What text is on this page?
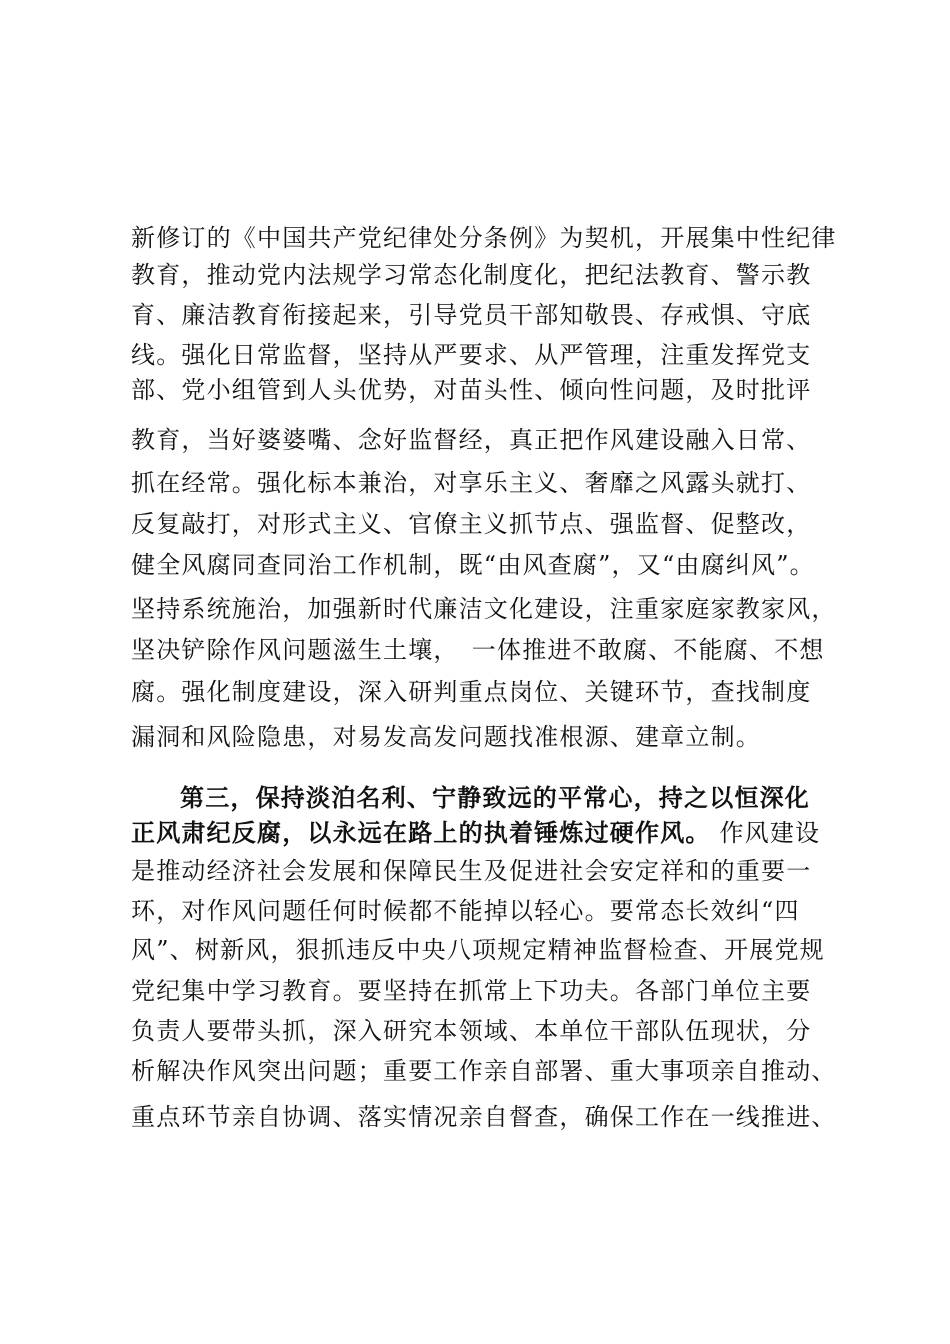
新修订的《中国共产党纪律处分条例》为契机，开展集中性纪律
教育，推动党内法规学习常态化制度化，把纪法教育、警示教
育、廉洁教育衔接起来，引导党员干部知敬畏、存戒惧、守底
线。强化日常监督，坚持从严要求、从严管理，注重发挥党支
部、党小组管到人头优势，对苗头性、倾向性问题，及时批评
教育，当好婆婆嘴、念好监督经，真正把作风建设融入日常、
抓在经常。强化标本兼治，对享乐主义、奢靡之风露头就打、
反复敲打，对形式主义、官僚主义抓节点、强监督、促整改，
健全风腐同查同治工作机制，既“由风查腐”，又“由腐纠风”。
坚持系统施治，加强新时代廉洁文化建设，注重家庭家教家风，
坚决铲除作风问题滋生土壤，　一体推进不敢腐、不能腐、不想
腐。强化制度建设，深入研判重点岗位、关键环节，查找制度
漏洞和风险隐患，对易发高发问题找准根源、建章立制。
第三，保持淡泊名利、宁静致远的平常心，持之以恒深化
正风肃纪反腐，以永远在路上的执着锤炼过硬作风。 作风建设
是推动经济社会发展和保障民生及促进社会安定祥和的重要一
环，对作风问题任何时候都不能掉以轻心。要常态长效纠“四
风”、树新风，狠抓违反中央八项规定精神监督检查、开展党规
党纪集中学习教育。要坚持在抓常上下功夫。各部门单位主要
负责人要带头抓，深入研究本领域、本单位干部队伍现状，分
析解决作风突出问题；重要工作亲自部署、重大事项亲自推动、
重点环节亲自协调、落实情况亲自督查，确保工作在一线推进、
